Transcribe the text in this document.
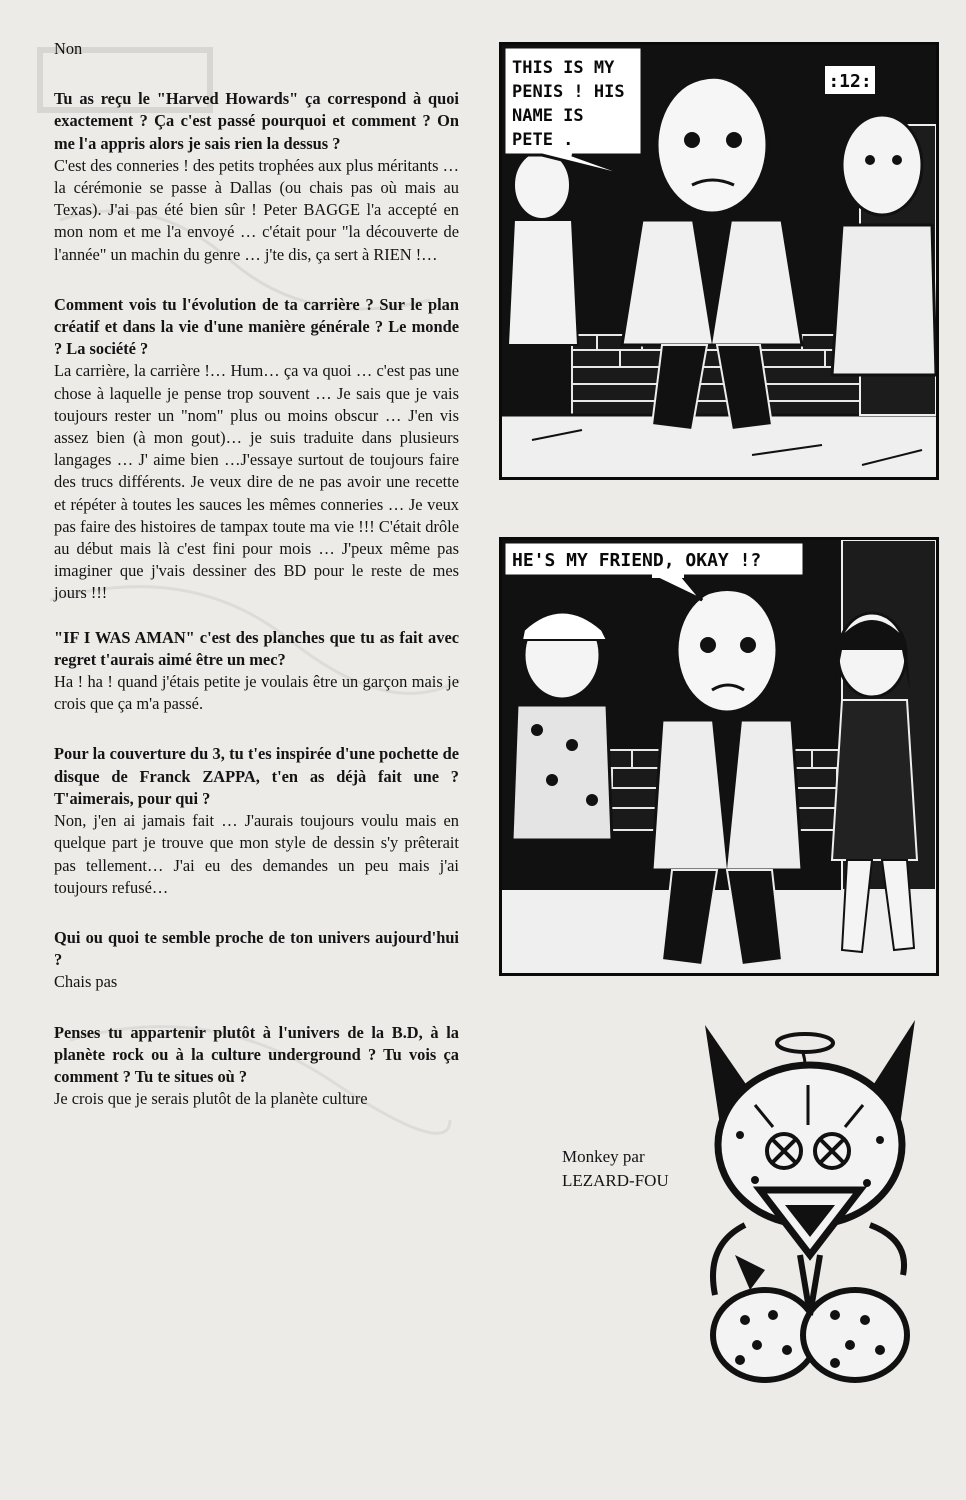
Non

Tu as reçu le "Harved Howards" ça correspond à quoi exactement ? Ça c'est passé pourquoi et comment ? On me l'a appris alors je sais rien la dessus ?

C'est des conneries ! des petits trophées aux plus méritants … la cérémonie se passe à Dallas (ou chais pas où mais au Texas). J'ai pas été bien sûr ! Peter BAGGE l'a accepté en mon nom et me l'a envoyé … c'était pour "la découverte de l'année" un machin du genre … j'te dis, ça sert à RIEN !…

Comment vois tu l'évolution de ta carrière ? Sur le plan créatif et dans la vie d'une manière générale ? Le monde ? La société ?

La carrière, la carrière !… Hum… ça va quoi … c'est pas une chose à laquelle je pense trop souvent … Je sais que je vais toujours rester un "nom" plus ou moins obscur … J'en vis assez bien (à mon gout)… je suis traduite dans plusieurs langages … J' aime bien …J'essaye surtout de toujours faire des trucs différents. Je veux dire de ne pas avoir une recette et répéter à toutes les sauces les mêmes conneries … Je veux pas faire des histoires de tampax toute ma vie !!! C'était drôle au début mais là c'est fini pour mois … J'peux même pas imaginer que j'vais dessiner des BD pour le reste de mes jours !!!

"IF I WAS AMAN" c'est des planches que tu as fait avec regret t'aurais aimé être un mec?

Ha ! ha ! quand j'étais petite je voulais être un garçon mais je crois que ça m'a passé.

Pour la couverture du 3, tu t'es inspirée d'une pochette de disque de Franck ZAPPA, t'en as déjà fait une ? T'aimerais, pour qui ?

Non, j'en ai jamais fait … J'aurais toujours voulu mais en quelque part je trouve que mon style de dessin s'y prêterait pas tellement… J'ai eu des demandes un peu mais j'ai toujours refusé…

Qui ou quoi te semble proche de ton univers aujourd'hui ?

Chais pas

Penses tu appartenir plutôt à l'univers de la B.D, à la planète rock ou à la culture underground ? Tu vois ça comment ? Tu te situes où ?

Je crois que je serais plutôt de la planète culture

:12:
THIS IS MY
PENIS ! HIS
NAME IS
PETE .
HE'S MY FRIEND, OKAY !?
Monkey par
LEZARD-FOU
